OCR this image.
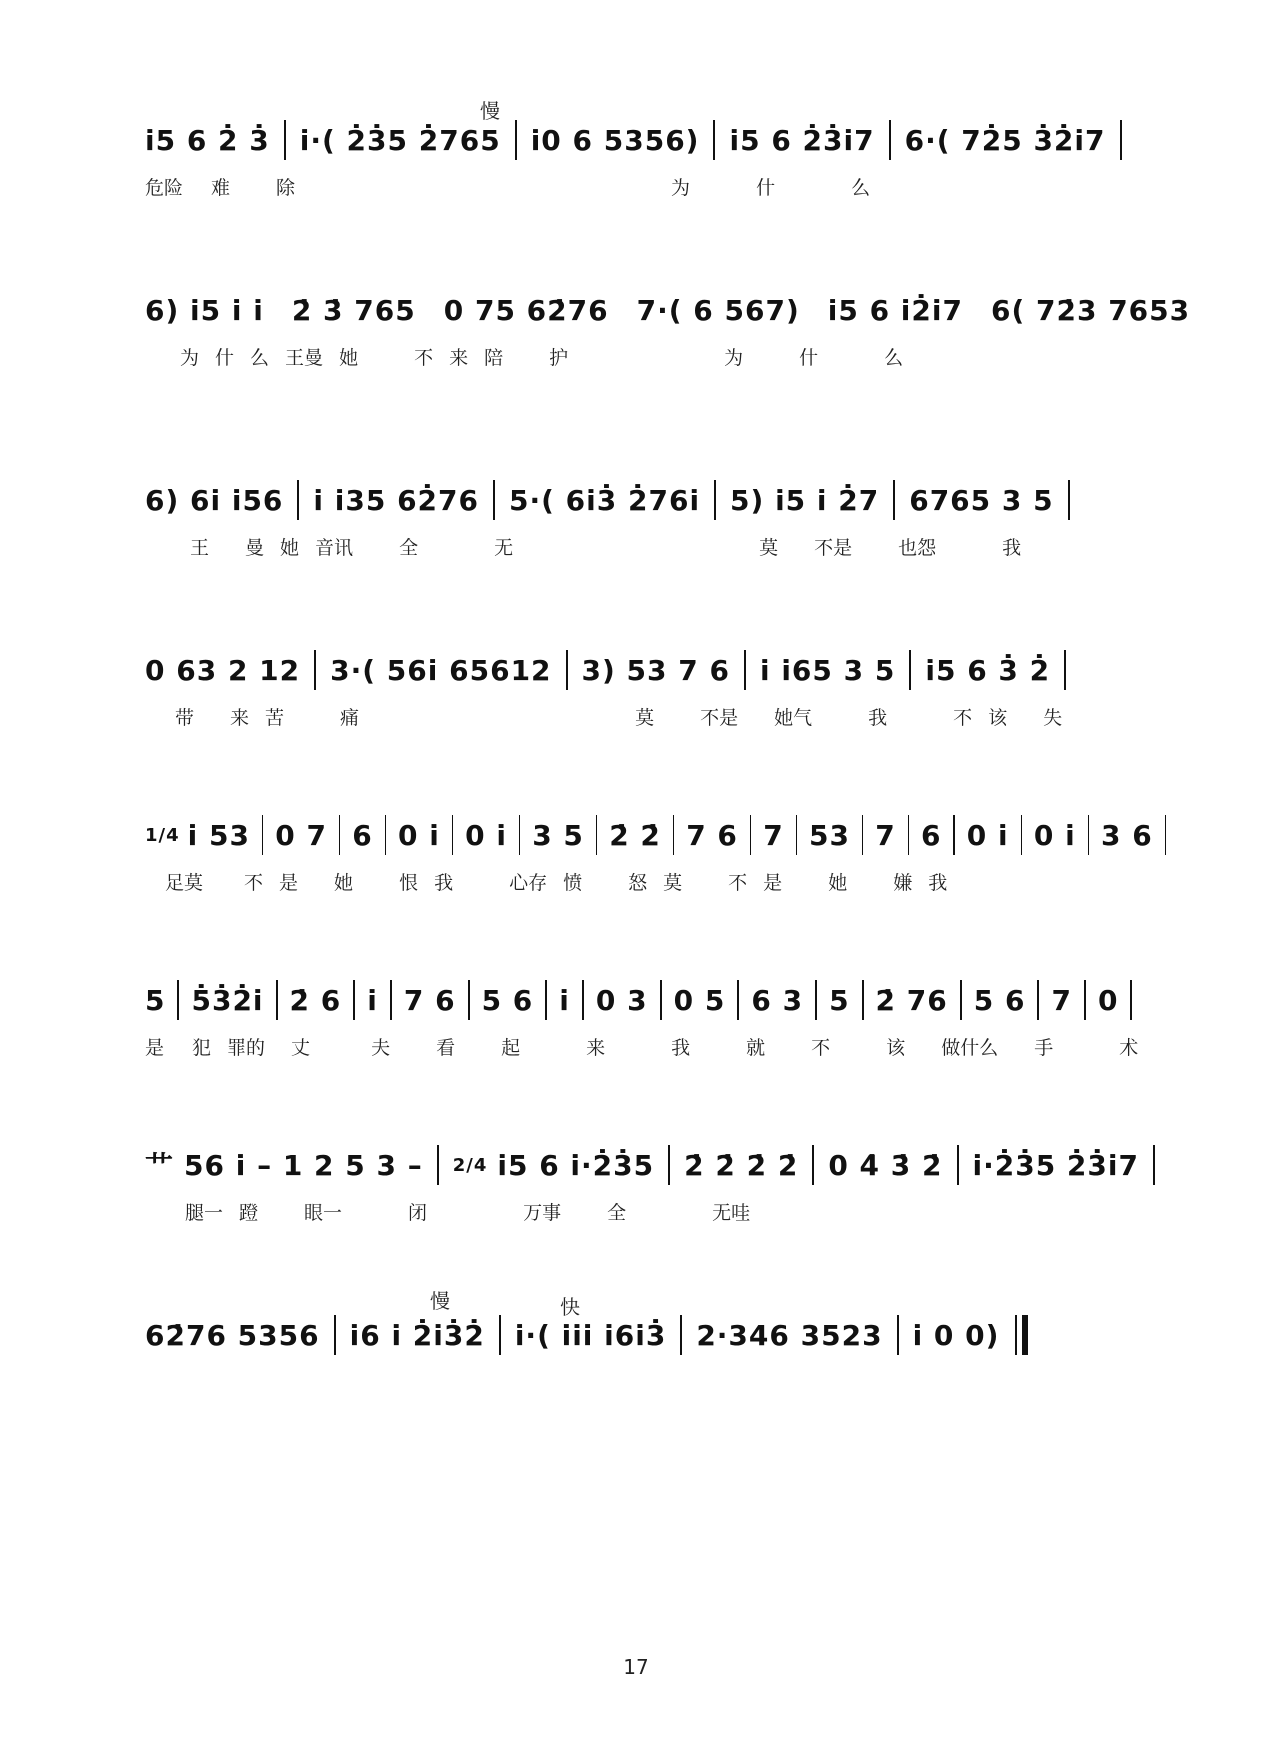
慢
i̇5 6 2̇ 3̇ i̇·( 2̇3̇5 2̇765 i̇0 6 5356) i̇5 6 2̇3̇i̇7 6·( 72̇5 3̇2̇i̇7
危险 难 除	为	什	么
6) i̇5 i̇ i̇ 2̇ 3̇ 765 0 75 62̇76 7·( 6 567) i̇5 6 i̇2̇i̇7 6( 72̇3 7653
为 什 么 王曼 她	不 来 陪 护	为	什	么
6) 6i̇ i̇56 i̇ i̇35 62̇76 5·( 6i̇3̇ 2̇76i̇ 5) i̇5 i̇ 2̇7 6765 3 5
王 曼 她 音讯 全	无	莫 不是 也怨	我
0 63 2 12 3·( 56i̇ 65612 3) 53 7 6 i̇ i̇65 3 5 i̇5 6 3̇ 2̇
带 来 苦	痛	莫 不是 她气	我	不 该 失
1/4 i̇ 53 0 7 6 0 i̇ 0 i̇ 3 5 2̇ 2̇ 7 6 7 53 7 6 0 i̇ 0 i̇ 3 6
足莫 不 是 她 恨 我	心存 愤 怒 莫 不 是 她 嫌 我
5 5̇3̇2̇i̇ 2̇ 6 i̇ 7 6 5 6 i̇ 0 3 0 5 6 3 5 2̇ 76 5 6 7 0
是 犯 罪的 丈	夫 看 起	来	我	就 不	该 做什么 手	术
艹 56 i̇ – 1 2 5 3 – 2/4 i̇5 6 i̇·2̇3̇5 2̇ 2̇ 2̇ 2̇ 0 4̇ 3̇ 2̇ i̇·2̇3̇5 2̇3̇i̇7
腿一 蹬 眼一	闭	万事 全	无哇
慢	快
62̇76 5356 i̇6 i̇ 2̇i̇3̇2̇ i̇·( i̇i̇i̇ i̇6i̇3̇ 2·346 3523 i̇ 0 0)
17
